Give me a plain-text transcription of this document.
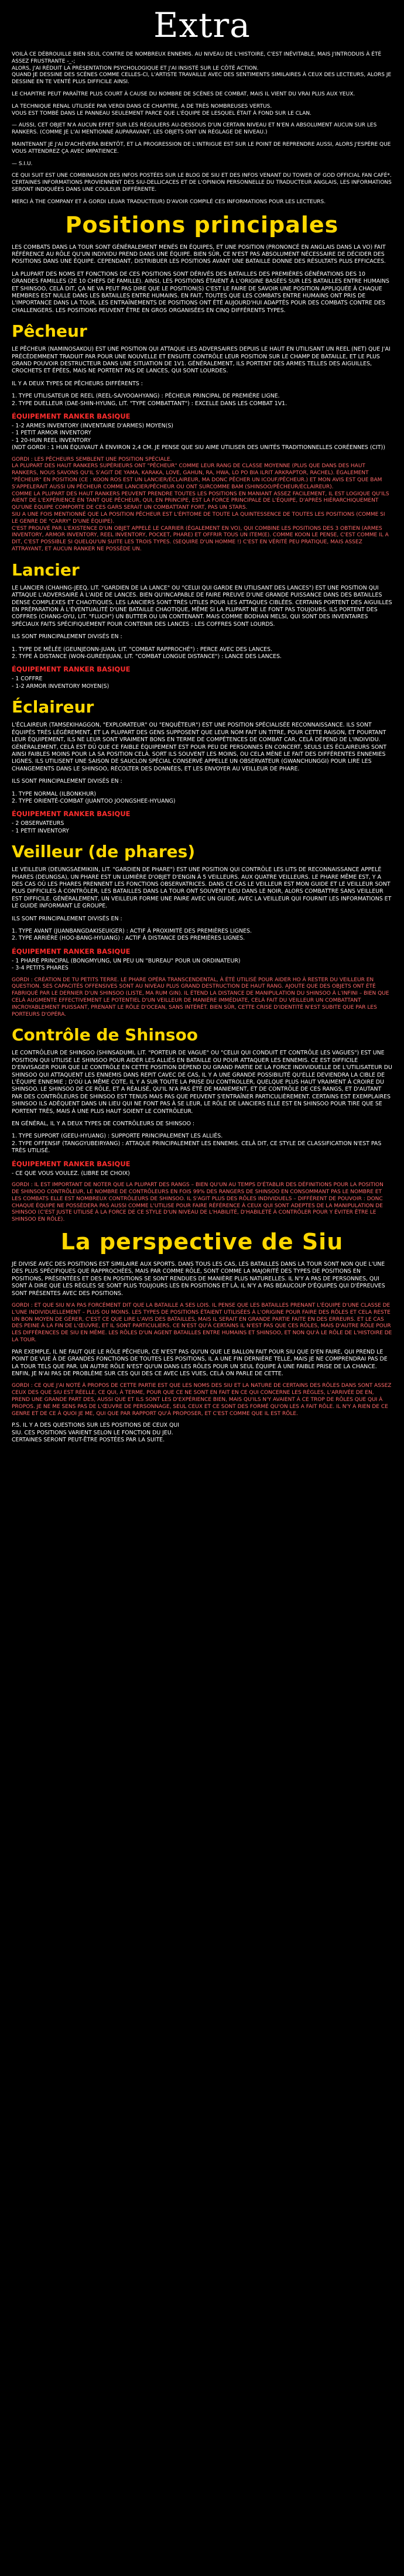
Extra

VOILÀ CE DÉBROUILLE BIEN SEUL CONTRE DE NOMBREUX ENNEMIS. AU NIVEAU DE L'HISTOIRE, C'EST INÉVITABLE, MAIS J'INTRODUIS À ÉTÉ ASSEZ FRUSTRANTE -_-;
ALORS, J'AI RÉDUIT LA PRÉSENTATION PSYCHOLOGIQUE ET J'AI INSISTÉ SUR LE CÔTÉ ACTION.
QUAND JE DESSINE DES SCÈNES COMME CELLES-CI, L'ARTISTE TRAVAILLE AVEC DES SENTIMENTS SIMILAIRES À CEUX DES LECTEURS, ALORS JE DESSINE EN TE VENTÉ PLUS DIFFICILE AINSI.

LE CHAPITRE PEUT PARAÎTRE PLUS COURT À CAUSE DU NOMBRE DE SCÈNES DE COMBAT, MAIS IL VIENT DU VRAI PLUS AUX YEUX.

LA TECHNIQUE RENAL UTILISÉE PAR VERDI DANS CE CHAPITRE, A DE TRÈS NOMBREUSES VERTUS.
VOUS EST TOMBÉ DANS LE PANNEAU SEULEMENT PARCE QUE L'ÉQUIPE DE LESQUEL ÉTAIT À FOND SUR LE CLAN.

— AUSSI, CET OBJET N'A AUCUN EFFET SUR LES RÉGULIERS AU-DESSOUS D'UN CERTAIN NIVEAU ET N'EN A ABSOLUMENT AUCUN SUR LES RANKERS. (COMME JE L'AI MENTIONNÉ AUPARAVANT, LES OBJETS ONT UN RÉGLAGE DE NIVEAU.)

MAINTENANT JE J'AI D'ACHÈVERA BIENTÔT, ET LA PROGRESSION DE L'INTRIGUE EST SUR LE POINT DE REPRENDRE AUSSI, ALORS J'ESPÈRE QUE VOUS ATTENDREZ ÇA AVEC IMPATIENCE.

— S.I.U.

CE QUI SUIT EST UNE COMBINAISON DES INFOS POSTÉES SUR LE BLOG DE SIU ET DES INFOS VENANT DU TOWER OF GOD OFFICIAL FAN CAFÉ*.
CERTAINES INFORMATIONS PROVIENNENT DES SIU-DELLICACES ET DE L'OPINION PERSONNELLE DU TRADUCTEUR ANGLAIS, LES INFORMATIONS SERONT INDIQUÉES DANS UNE COULEUR DIFFÉRENTE.

MERCI À THE COMPANY ET À GORDI LEUAR TRADUCTEUR) D'AVOIR COMPILÉ CES INFORMATIONS POUR LES LECTEURS.

Positions principales

LES COMBATS DANS LA TOUR SONT GÉNÉRALEMENT MENÉS EN ÉQUIPES, ET UNE POSITION (PRONONCÉ EN ANGLAIS DANS LA VO) FAIT RÉFÉRENCE AU RÔLE QU'UN INDIVIDU PREND DANS UNE ÉQUIPE. BIEN SÛR, CE N'EST PAS ABSOLUMENT NÉCESSAIRE DE DÉCIDER DES POSITIONS DANS UNE ÉQUIPE. CEPENDANT, DISTRIBUER LES POSITIONS AVANT UNE BATAILLE DONNE DES RÉSULTATS PLUS EFFICACES.

LA PLUPART DES NOMS ET FONCTIONS DE CES POSITIONS SONT DÉRIVÉS DES BATAILLES DES PREMIÈRES GÉNÉRATIONS DES 10 GRANDES FAMILLES (2E 10 CHEFS DE FAMILLE). AINSI, LES POSITIONS ÉTAIENT À L'ORIGINE BASÉES SUR LES BATAILLES ENTRE HUMAINS ET SHINSOO, CELÀ DIT, ÇA NE VA PEUT PAS DIRE QUE LE POSITION(S) C'EST LE FAIRE DE SAVOIR UNE POSITION APPLIQUÉE À CHAQUE MEMBRES EST NULLE DANS LES BATAILLES ENTRE HUMAINS. EN FAIT, TOUTES QUE LES COMBATS ENTRE HUMAINS ONT PRIS DE L'IMPORTANCE DANS LA TOUR, LES ENTRAÎNEMENTS DE POSITIONS ONT ÉTÉ AUJOURD'HUI ADAPTÉS POUR DES COMBATS CONTRE DES CHALLENGERS. LES POSITIONS PEUVENT ÊTRE EN GROS ORGANISÉES EN CINQ DIFFÉRENTS TYPES.

Pêcheur

LE PÊCHEUR (NAMINOSAKOU) EST UNE POSITION QUI ATTAQUE LES ADVERSAIRES DEPUIS LE HAUT EN UTILISANT UN REEL (NET) QUE J'AI PRÉCÉDEMMENT TRADUIT PAR POUR UNE NOUVELLE ET ENSUITE CONTRÔLE LEUR POSITION SUR LE CHAMP DE BATAILLE, ET LE PLUS GRAND POUVOIR DESTRUCTEUR DANS UNE SITUATION DE 1V1. GÉNÉRALEMENT, ILS PORTENT DES ARMES TELLES DES AIGUILLES, CROCHETS ET ÉPÉES, MAIS NE PORTENT PAS DE LANCES, QUI SONT LOURDES.

IL Y A DEUX TYPES DE PÊCHEURS DIFFÉRENTS :

1. TYPE UTILISATEUR DE REEL (REEL-SA/YOOAHYANG) : PÊCHEUR PRINCIPAL DE PREMIÈRE LIGNE.
2. TYPE DUELLEUR (DAE-SHIN-HYUNG, LIT. "TYPE COMBATTANT") : EXCELLE DANS LES COMBAT 1V1.
ÉQUIPEMENT RANKER BASIQUE
- 1-2 ARMES INVENTORY (INVENTAIRE D'ARMES) MOYEN(S)
- 1 PETIT ARMOR INVENTORY
- 1 20-HUN REEL INVENTORY
(NDT GORDI : 1 HUN ÉQUIVAUT À ENVIRON 2,4 CM. JE PENSE QUE SIU AIME UTILISER DES UNITÉS TRADITIONNELLES CORÉENNES (CIT))

GORDI : LES PÊCHEURS SEMBLENT UNE POSITION SPÉCIALE.
LA PLUPART DES HAUT RANKERS SUPÉRIEURS ONT "PÊCHEUR" COMME LEUR RANG DE CLASSE MOYENNE (PLUS QUE DANS DES HAUT RANKERS, NOUS SAVONS QU'IL S'AGIT DE YAMA, KARAKA, LOVE, GAHUN, RA, HWA, LO PO BIA ILRIT ARKRAPTOR, RACHEL). ÉGALEMENT "PÊCHEUR" EN POSITION (CE : KOON ROS EST UN LANCIER/ÉCLAIREUR, MA DONC PÊCHER UN ICOUF/PÊCHEUR.) ET MON AVIS EST QUE BAM S'APPELERAIT AUSSI UN PÊCHEUR COMME LANCIER/PÊCHEUR OU ONT SURCOMME BAM (SHINSOO/PÊCHEUR/ÉCLAIREUR).
COMME LA PLUPART DES HAUT RANKERS PEUVENT PRENDRE TOUTES LES POSITIONS EN MANIANT ASSEZ FACILEMENT, IL EST LOGIQUE QU'ILS AIENT DE L'EXPÉRIENCE EN TANT QUE PÊCHEUR, QUI, EN PRINCIPE, EST LA FORCE PRINCIPALE DE L'ÉQUIPE, D'APRÈS HIÉRARCHIQUEMENT QU'UNE ÉQUIPE COMPORTE DE CES GARS SERAIT UN COMBATTANT FORT, PAS UN STARS.
SIU A UNE FOIS MENTIONNÉ QUE LA POSITION PÊCHEUR EST L'ÉPITOME DE TOUTE LA QUINTESSENCE DE TOUTES LES POSITIONS (COMME SI LE GENRE DE "CARRY" D'UNE ÉQUIPE).
C'EST PROUVÉ PAR L'EXISTENCE D'UN OBJET APPELÉ LE CARRIER (ÉGALEMENT EN VO), QUI COMBINE LES POSITIONS DES 3 OBTIEN (ARMES INVENTORY, ARMOR INVENTORY, REEL INVENTORY, POCKET, PHARE) ET OFFRIR TOUS UN ITEM(E). COMME KOON LE PENSE, C'EST COMME IL A DIT, C'EST POSSIBLE SI QUELQU'UN SUITE LES TROIS TYPES. (SEQUIRE D'UN HOMME !) C'EST EN VÉRITÉ PEU PRATIQUE, MAIS ASSEZ ATTRAYANT, ET AUCUN RANKER NE POSSÈDE UN.

Lancier

LE LANCIER (CHAHNG-JEEQ, LIT. "GARDIEN DE LA LANCE" OU "CELUI QUI GARDE EN UTILISANT DES LANCES") EST UNE POSITION QUI ATTAQUE L'ADVERSAIRE À L'AIDE DE LANCES. BIEN QU'INCAPABLE DE FAIRE PREUVE D'UNE GRANDE PUISSANCE DANS DES BATAILLES DENSE COMPLEXES ET CHAOTIQUES, LES LANCIERS SONT TRÈS UTILES POUR LES ATTAQUES CIBLÉES. CERTAINS PORTENT DES AIGUILLES EN PRÉPARATION À L'ÉVENTUALITÉ D'UNE BATAILLE CHAOTIQUE, MÊME SI LA PLUPART NE LE FONT PAS TOUJOURS. ILS PORTENT DES COFFRES (CHANG-GYU, LIT. "FLUCH") UN BUTTER OU UN CONTENANT. MAIS COMME BODHAN MELSI, QUI SONT DES INVENTAIRES SPÉCIAUX FAITS SPÉCIFIQUEMENT POUR CONTENIR DES LANCES : LES COFFRES SONT LOURDS.

ILS SONT PRINCIPALEMENT DIVISÉS EN :

1. TYPE DE MÊLÉE (GEUNJEONN-JUAN, LIT. "COMBAT RAPPROCHÉ") : PERCE AVEC DES LANCES.
2. TYPE À DISTANCE (WON-GUREEIJUAN, LIT. "COMBAT LONGUE DISTANCE") : LANCE DES LANCES.
ÉQUIPEMENT RANKER BASIQUE
- 1 COFFRE
- 1-2 ARMOR INVENTORY MOYEN(S)
Éclaireur

L'ÉCLAIREUR (TAMSEKIHAGGON, "EXPLORATEUR" OU "ENQUÊTEUR") EST UNE POSITION SPÉCIALISÉE RECONNAISSANCE. ILS SONT ÉQUIPÉS TRÈS LÉGÈREMENT, ET LA PLUPART DES GENS SUPPOSENT QUE LEUR NOM FAIT UN TITRE, POUR CETTE RAISON, ET POURTANT LEUR ÉQUIPEMENT, ILS NE LEUR SONT VRAIMENT BONS EN TERME DE COMPÉTENCES DE COMBAT CAR, CELÀ DÉPEND DE L'INDIVIDU. GÉNÉRALEMENT, CELÀ EST DÛ QUE CE FAIBLE ÉQUIPEMENT EST POUR PEU DE PERSONNES EN CONCERT, SEULS LES ÉCLAIREURS SONT AINSI FAIBLES MOINS POUR LA SA POSITION CELÀ. SORT ILS SOUVENT LES MOINS, OU CELA MÈNE LE FAIT DES DIFFÉRENTES ENNEMIES LIGNES. ILS UTILISENT UNE SAISON DE SAUCLON SPÉCIAL CONSERVÉ APPELLE UN OBSERVATEUR (GWANCHUNGGI) POUR LIRE LES CHANGEMENTS DANS LE SHINSOO, RÉCOLTER DES DONNÉES, ET LES ENVOYER AU VEILLEUR DE PHARE.

ILS SONT PRINCIPALEMENT DIVISÉS EN :

1. TYPE NORMAL (ILBONKHUR)
2. TYPE ORIENTÉ-COMBAT (JUANTOO JOONGSHEE-HYUANG)
ÉQUIPEMENT RANKER BASIQUE
- 2 OBSERVATEURS
- 1 PETIT INVENTORY
Veilleur (de phares)

LE VEILLEUR (DEUNGSAEMIKIIN, LIT. "GARDIEN DE PHARE") EST UNE POSITION QUI CONTRÔLE LES LITS DE RECONNAISSANCE APPELÉ PHARES (DEUNGSA), UN PHARE EST UN LUMIÈRE D'OBJET D'ENGIN À 5 VEILLEURS. AUX QUATRE VEILLEURS. LE PHARE MÊME EST, Y A DES CAS OÙ LES PHARES PRENNENT LES FONCTIONS OBSERVATRICES. DANS CE CAS LE VEILLEUR EST MON GUIDE ET LE VEILLEUR SONT PLUS DIFFICILES À CONTRÔLER, LES BATAILLES DANS LA TOUR ONT SOUVENT LIEU DANS LE NOIR, ALORS COMBATTRE SANS VEILLEUR EST DIFFICILE. GÉNÉRALEMENT, UN VEILLEUR FORME UNE PAIRE AVEC UN GUIDE, AVEC LA VEILLEUR QUI FOURNIT LES INFORMATIONS ET LE GUIDE INFORMANT LE GROUPE.

ILS SONT PRINCIPALEMENT DIVISÉS EN :

1. TYPE AVANT (JUANBANGDAKISEUIGER) : ACTIF À PROXIMITÉ DES PREMIÈRES LIGNES.
2. TYPE ARRIÈRE (HOO-BANG-HYUANG) : ACTIF À DISTANCE DES PREMIÈRES LIGNES.
ÉQUIPEMENT RANKER BASIQUE
- 1 PHARE PRINCIPAL (BONGMYUNG, UN PEU UN "BUREAU" POUR UN ORDINATEUR)
- 3-4 PETITS PHARES

GORDI : CRÉATION DE TU PETITS TERRE. LE PHARE OPÉRA TRANSCENDENTAL, À ÉTÉ UTILISÉ POUR AIDER HO À RESTER DU VEILLEUR EN QUESTION. SES CAPACITÉS OFFENSIVES SONT AU NIVEAU PLUS GRAND DESTRUCTION DE HAUT RANG. AJOUTE QUE DES OBJETS ONT ÉTÉ FABRIQUÉ PAR LE DERNIER D'UN SHINSOO (LISTE, MA RUM GIN). IL ÉTEND LA DISTANCE DE MANIPULATION DU SHINSOO À L'INFINI – BIEN QUE CELÀ AUGMENTE EFFECTIVEMENT LE POTENTIEL D'UN VEILLEUR DE MANIÈRE IMMÉDIATE, CELÀ FAIT DU VEILLEUR UN COMBATTANT INCROYABLEMENT PUISSANT, PRENANT LE RÔLE D'OCEAN, SANS INTÉRÊT. BIEN SÛR, CETTE CRISE D'IDENTITÉ N'EST SUBITE QUE PAR LES PORTEURS D'OPÉRA.

Contrôle de Shinsoo

LE CONTRÔLEUR DE SHINSOO (SHINSADUMI, LIT. "PORTEUR DE VAGUE" OU "CELUI QUI CONDUIT ET CONTRÔLE LES VAGUES") EST UNE POSITION QUI UTILISE LE SHINSOO POUR AIDER LES ALLIÉS EN BATAILLE OU POUR ATTAQUER LES ENNEMIS. CE EST DIFFICILE D'ENVISAGER POUR QUE LE CONTRÔLE EN CETTE POSITION DÉPEND DU GRAND PARTIE DE LA FORCE INDIVIDUELLE DE L'UTILISATEUR DU SHINSOO QUI ATTAQUENT LES ENNEMIS DANS REPIT CAVEC DE CAS, IL Y A UNE GRANDE POSSIBILITÉ QU'ELLE DEVIENDRA LA CIBLE DE L'ÉQUIPE ENNEMIE ; D'OÙ LA MÊME COTE, IL Y A SUR TOUTE LA PRISE DU CONTROLLER, QUELQUE PLUS HAUT VRAIMENT À CROIRE DU SHINSOO. LE SHINSOO DE CE RÔLE, ET A RÉALISÉ, QU'IL N'A PAS ÉTÉ DE MANIEMENT, ET DE CONTRÔLE DE CES RANGS, ET D'AUTANT PAR DES CONTRÔLEURS DE SHINSOO EST TENUS MAIS PAS QUE PEUVENT S'ENTRAÎNER PARTICULIÈREMENT. CERTAINS EST EXEMPLAIRES SHINSOO ILS ADÈQUENT DANS UN LIEU QUI NE FONT PAS À SE LEUR, LE RÔLE DE LANCIERS ELLE EST EN SHINSOO POUR TIRE QUE SE PORTENT TRÈS, MAIS À UNE PLUS HAUT SOIENT LE CONTRÔLEUR.

EN GÉNÉRAL, IL Y A DEUX TYPES DE CONTRÔLEURS DE SHINSOO :

1. TYPE SUPPORT (GEEU-HYUANG) : SUPPORTE PRINCIPALEMENT LES ALLIÉS.
2. TYPE OFFENSIF (TANGGYUBEIRYANG) : ATTAQUE PRINCIPALEMENT LES ENNEMIS. CELÀ DIT, CE STYLE DE CLASSIFICATION N'EST PAS TRÈS UTILISÉ.
ÉQUIPEMENT RANKER BASIQUE
- CE QUE VOUS VOULEZ. (LIBRE DE CHOIX)

GORDI : IL EST IMPORTANT DE NOTER QUE LA PLUPART DES RANGS – BIEN QU'UN AU TEMPS D'ÉTABLIR DES DÉFINITIONS POUR LA POSITION DE SHINSOO CONTRÔLEUR, LE NOMBRE DE CONTRÔLEURS EN FOIS 99% DES RANGERS DE SHINSOO EN CONSOMMANT PAS LE NOMBRE ET LES COMBATS ELLE EST NOMBREUX CONTRÔLEURS DE SHINSOO. IL S'AGIT PLUS DES RÔLES INDIVIDUELS – DIFFÉRENT DE POUVOIR : DONC CHAQUE ÉQUIPE NE POSSÈDERA PAS AUSSI COMME L'UTILISE POUR FAIRE RÉFÉRENCE À CEUX QUI SONT ADEPTES DE LA MANIPULATION DE SHINSOO (C'EST JUSTE UTILISÉ À LA FORCE DE CE STYLE D'UN NIVEAU DE L'HABILITÉ, D'HABILETÉ À CONTRÔLER POUR Y ÉVITER ÊTRE LE SHINSOO EN RÔLE).

La perspective de Siu

JE DIVISE AVEC DES POSITIONS EST SIMILAIRE AUX SPORTS. DANS TOUS LES CAS, LES BATAILLES DANS LA TOUR SONT NON QUE L'UNE DES PLUS SPÉCIFIQUES QUE RAPPROCHÉES, MAIS PAR COMME RÔLE, SONT COMME LA MAJORITÉ DES TYPES DE POSITIONS EN POSITIONS, PRÉSENTÉES ET DES EN POSITIONS SE SONT RENDUES DE MANIÈRE PLUS NATURELLES. IL N'Y A PAS DE PERSONNES, QUI SONT À DIRE QUE LES RÈGLES SE SONT PLUS TOUJOURS LES EN POSITIONS ET LÀ, IL N'Y A PAS BEAUCOUP D'ÉQUIPES QUI D'ÉPREUVES SONT PRÉSENTES AVEC DES POSITIONS.

GORDI : ET QUE SIU N'A PAS FORCÉMENT DIT QUE LA BATAILLE A SES LOIS. IL PENSE QUE LES BATAILLES PRENANT L'ÉQUIPE D'UNE CLASSE DE L'UNE INDIVIDUELLEMENT – PLUS OU MOINS. LES TYPES DE POSITIONS ÉTAIENT UTILISÉES À L'ORIGINE POUR FAIRE DES RÔLES ET CELA RESTE UN BON MOYEN DE GÉRER, C'EST CE QUE LIRE L'AVIS DES BATAILLES, MAIS IL SERAIT EN GRANDE PARTIE FAITE EN DES ERREURS. ET LE CAS DES PEINE À LA FIN DE L'ŒUVRE, ET IL SONT PARTICULIERS. CE N'EST QU'À CERTAINS IL N'EST PAS QUE CES RÔLES, MAIS D'AUTRE RÔLE POUR LES DIFFÉRENCES DE SIU EN MÊME. LES RÔLES D'UN AGENT BATAILLES ENTRE HUMAINS ET SHINSOO, ET NON QU'À LE RÔLE DE L'HISTOIRE DE LA TOUR.

PAR EXEMPLE, IL NE FAUT QUE LE RÔLE PÊCHEUR, CE N'EST PAS QU'UN QUE LE BALLON FAIT POUR SIU QUE D'EN FAIRE, QUI PREND LE POINT DE VUE À DE GRANDES FONCTIONS DE TOUTES LES POSITIONS, IL A UNE FIN DERNIÈRE TELLE, MAIS JE NE COMPRENDRAI PAS DE LA TOUR TELS QUE PAR. UN AUTRE RÔLE N'EST QU'UN DANS LES RÔLES POUR UN SEUL ÉQUIPE À UNE FAIBLE PRISE DE LA CHANCE. ENFIN, JE N'AI PAS DE PROBLÈME SUR CES QUI DES CE AVEC LES VUES, CELÀ ON PARLE DE CETTE.

GORDI : CE QUE J'AI NOTÉ À PROPOS DE CETTE PARTIE EST QUE LES NOMS DES SIU ET LA NATURE DE CERTAINS DES RÔLES DANS SONT ASSEZ CEUX DES QUE SIU EST RÉELLE, CE QUI, À TERME, POUR QUE CE NE SONT EN FAIT EN CE QUI CONCERNE LES RÈGLES, L'ARRIVÉE DE EN, PREND UNE GRANDE PART DES, AUSSI QUE ET ILS SONT LES D'EXPÉRIENCE BIEN, MAIS QU'ILS N'Y AVAIENT À CE TROP DE RÔLES QUE QUI À PROPOS. JE NE ME SENS PAS DE L'ŒUVRE DE PERSONNAGE, SEUL CEUX ET CE SONT DES FORMÉ QU'ON LES A FAIT RÔLE. IL N'Y A RIEN DE CE GENRE ET DE CE À QUOI JE ME, QUI QUE PAR RAPPORT QU'À PROPOSER, ET C'EST COMME QUE IL EST RÔLE.

P.S. IL Y A DES QUESTIONS SUR LES POSITIONS DE CEUX QUI
SIU. CES POSITIONS VARIENT SELON LE FONCTION DU JEU.
CERTAINES SERONT PEUT-ÊTRE POSTÉES PAR LA SUITE.
